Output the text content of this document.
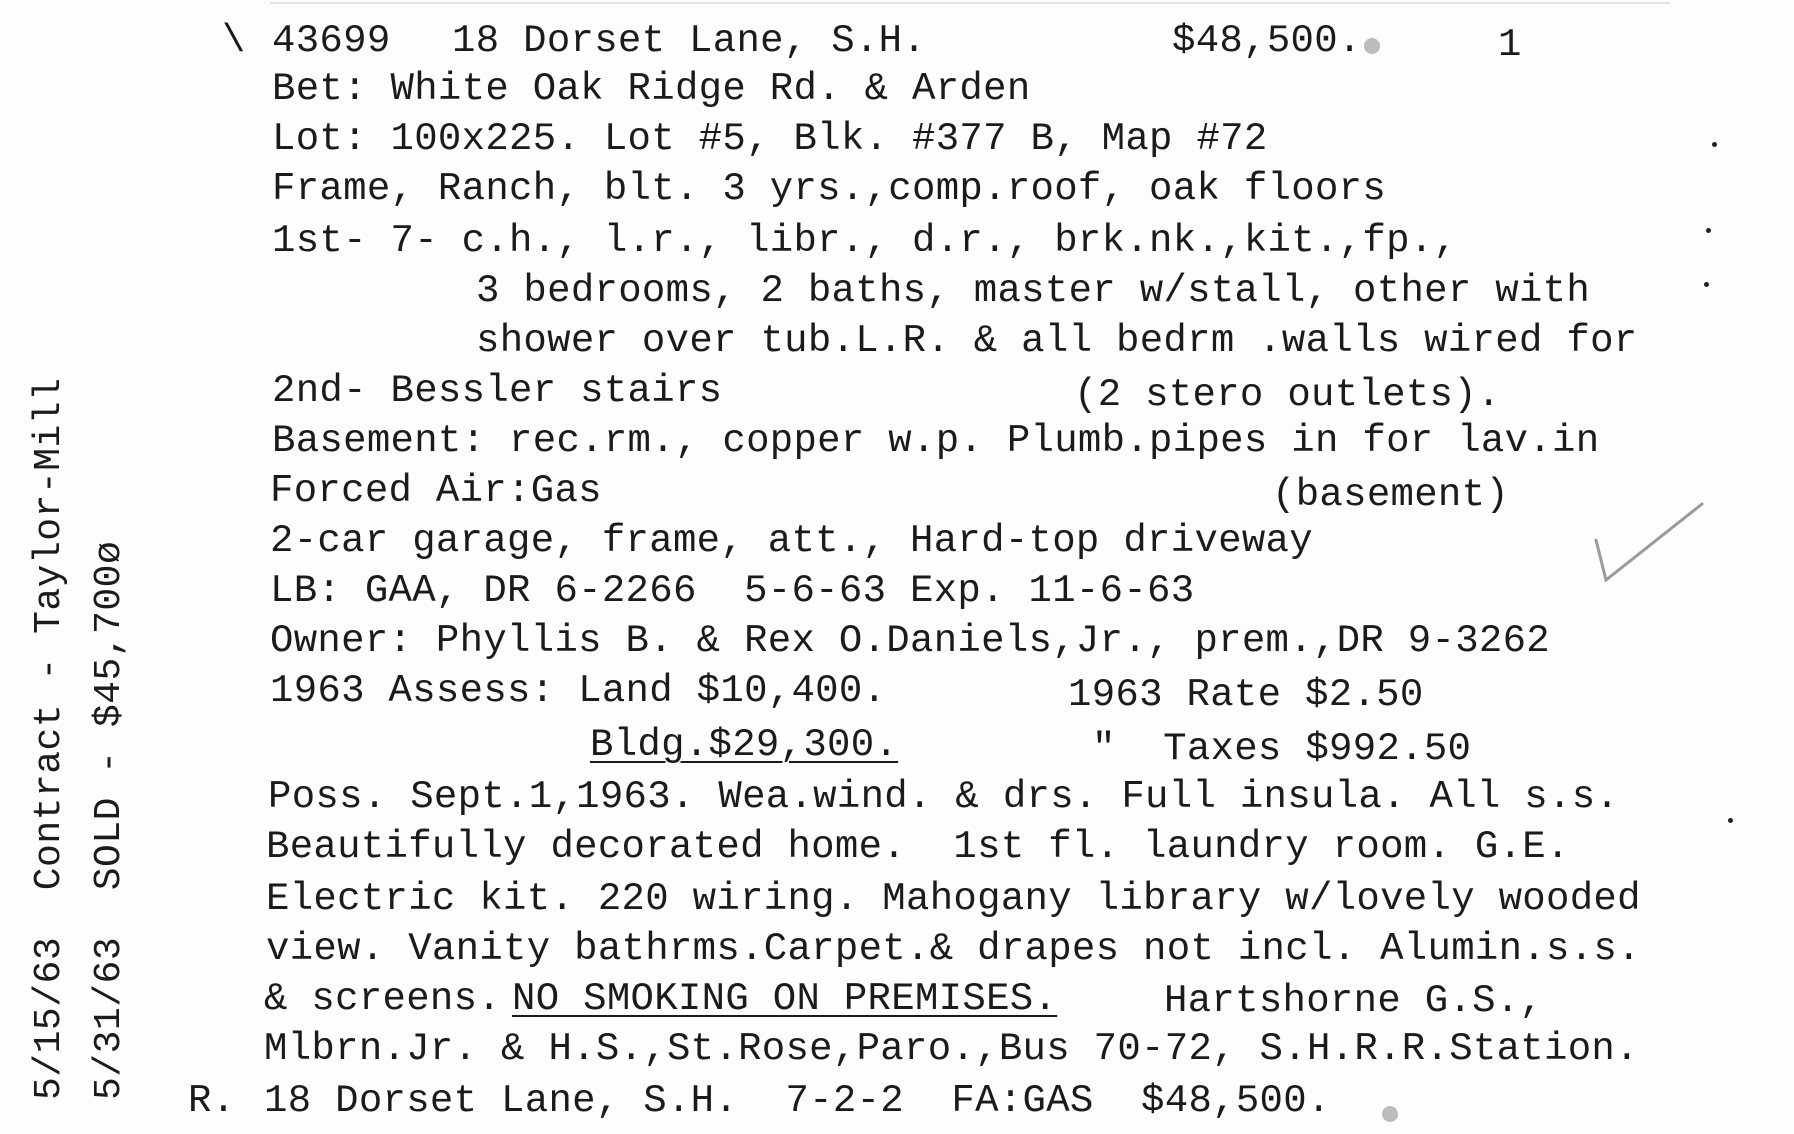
\ 43699 18 Dorset Lane, S.H.	$48,500.	1
Bet: White Oak Ridge Rd. & Arden
Lot: 100x225. Lot #5, Blk. #377 B, Map #72
Frame, Ranch, blt. 3 yrs.,comp.roof, oak floors
1st- 7- c.h., l.r., libr., d.r., brk.nk.,kit.,fp.,
3 bedrooms, 2 baths, master w/stall, other with
shower over tub.L.R. & all bedrm .walls wired for
2nd- Bessler stairs	(2 stero outlets).
Basement: rec.rm., copper w.p. Plumb.pipes in for lav.in
Forced Air:Gas	(basement)
2-car garage, frame, att., Hard-top driveway
LB: GAA, DR 6-2266  5-6-63 Exp. 11-6-63
Owner: Phyllis B. & Rex O.Daniels,Jr., prem.,DR 9-3262
1963 Assess: Land $10,400.	1963 Rate $2.50
Bldg.$29,300.	"  Taxes $992.50
Poss. Sept.1,1963. Wea.wind. & drs. Full insula. All s.s.
Beautifully decorated home.  1st fl. laundry room. G.E.
Electric kit. 220 wiring. Mahogany library w/lovely wooded
view. Vanity bathrms.Carpet.& drapes not incl. Alumin.s.s.
& screens. NO SMOKING ON PREMISES.	Hartshorne G.S.,
Mlbrn.Jr. & H.S.,St.Rose,Paro.,Bus 70-72, S.H.R.R.Station.
R. 18 Dorset Lane, S.H.  7-2-2  FA:GAS  $48,500.
5/15/63  Contract - Taylor-Mill 5/31/63  SOLD - $45,700ø
